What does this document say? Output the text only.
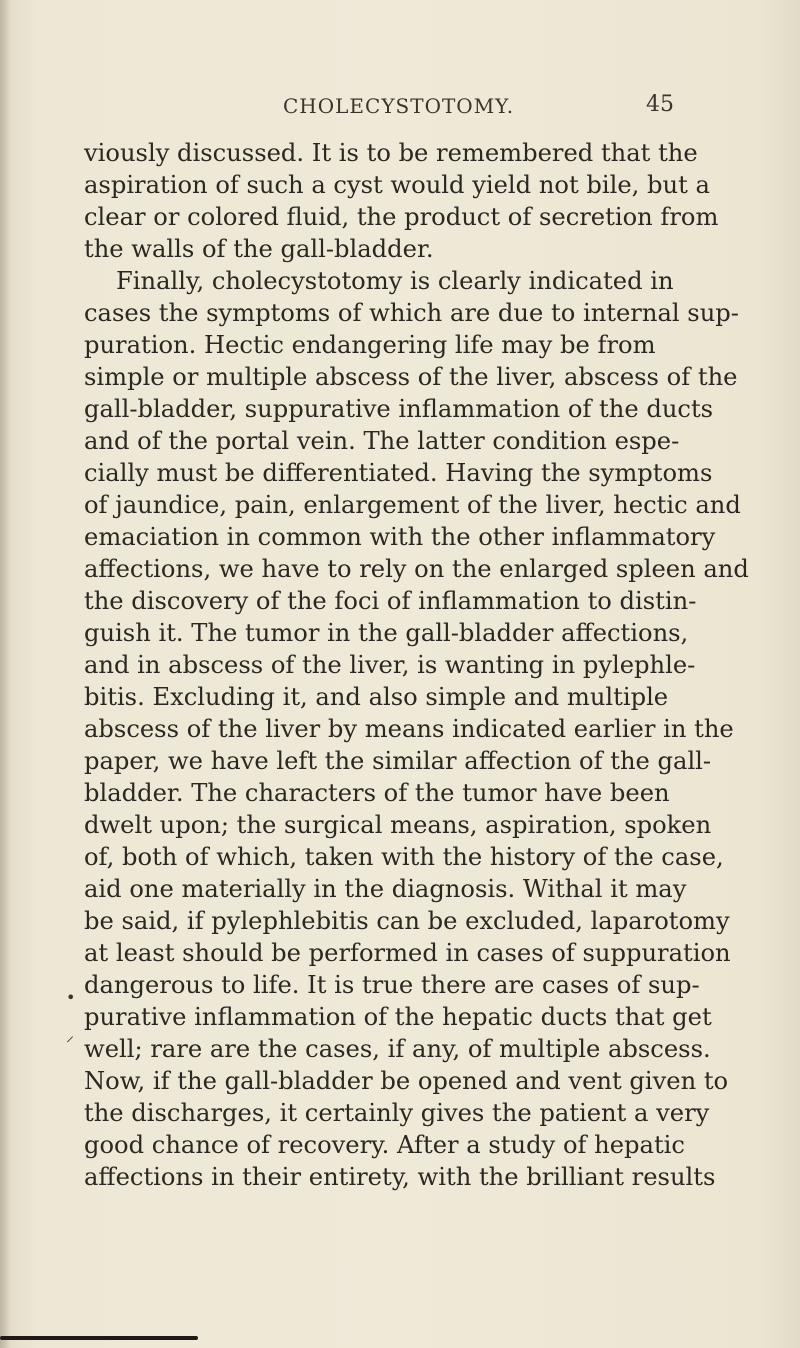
CHOLECYSTOTOMY.	45
viously discussed. It is to be remembered that the
aspiration of such a cyst would yield not bile, but a
clear or colored fluid, the product of secretion from
the walls of the gall-bladder.
Finally, cholecystotomy is clearly indicated in
cases the symptoms of which are due to internal sup-
puration. Hectic endangering life may be from
simple or multiple abscess of the liver, abscess of the
gall-bladder, suppurative inflammation of the ducts
and of the portal vein. The latter condition espe-
cially must be differentiated. Having the symptoms
of jaundice, pain, enlargement of the liver, hectic and
emaciation in common with the other inflammatory
affections, we have to rely on the enlarged spleen and
the discovery of the foci of inflammation to distin-
guish it. The tumor in the gall-bladder affections,
and in abscess of the liver, is wanting in pylephle-
bitis. Excluding it, and also simple and multiple
abscess of the liver by means indicated earlier in the
paper, we have left the similar affection of the gall-
bladder. The characters of the tumor have been
dwelt upon; the surgical means, aspiration, spoken
of, both of which, taken with the history of the case,
aid one materially in the diagnosis. Withal it may
be said, if pylephlebitis can be excluded, laparotomy
at least should be performed in cases of suppuration
dangerous to life. It is true there are cases of sup-
purative inflammation of the hepatic ducts that get
well; rare are the cases, if any, of multiple abscess.
Now, if the gall-bladder be opened and vent given to
the discharges, it certainly gives the patient a very
good chance of recovery. After a study of hepatic
affections in their entirety, with the brilliant results
•
⸝
